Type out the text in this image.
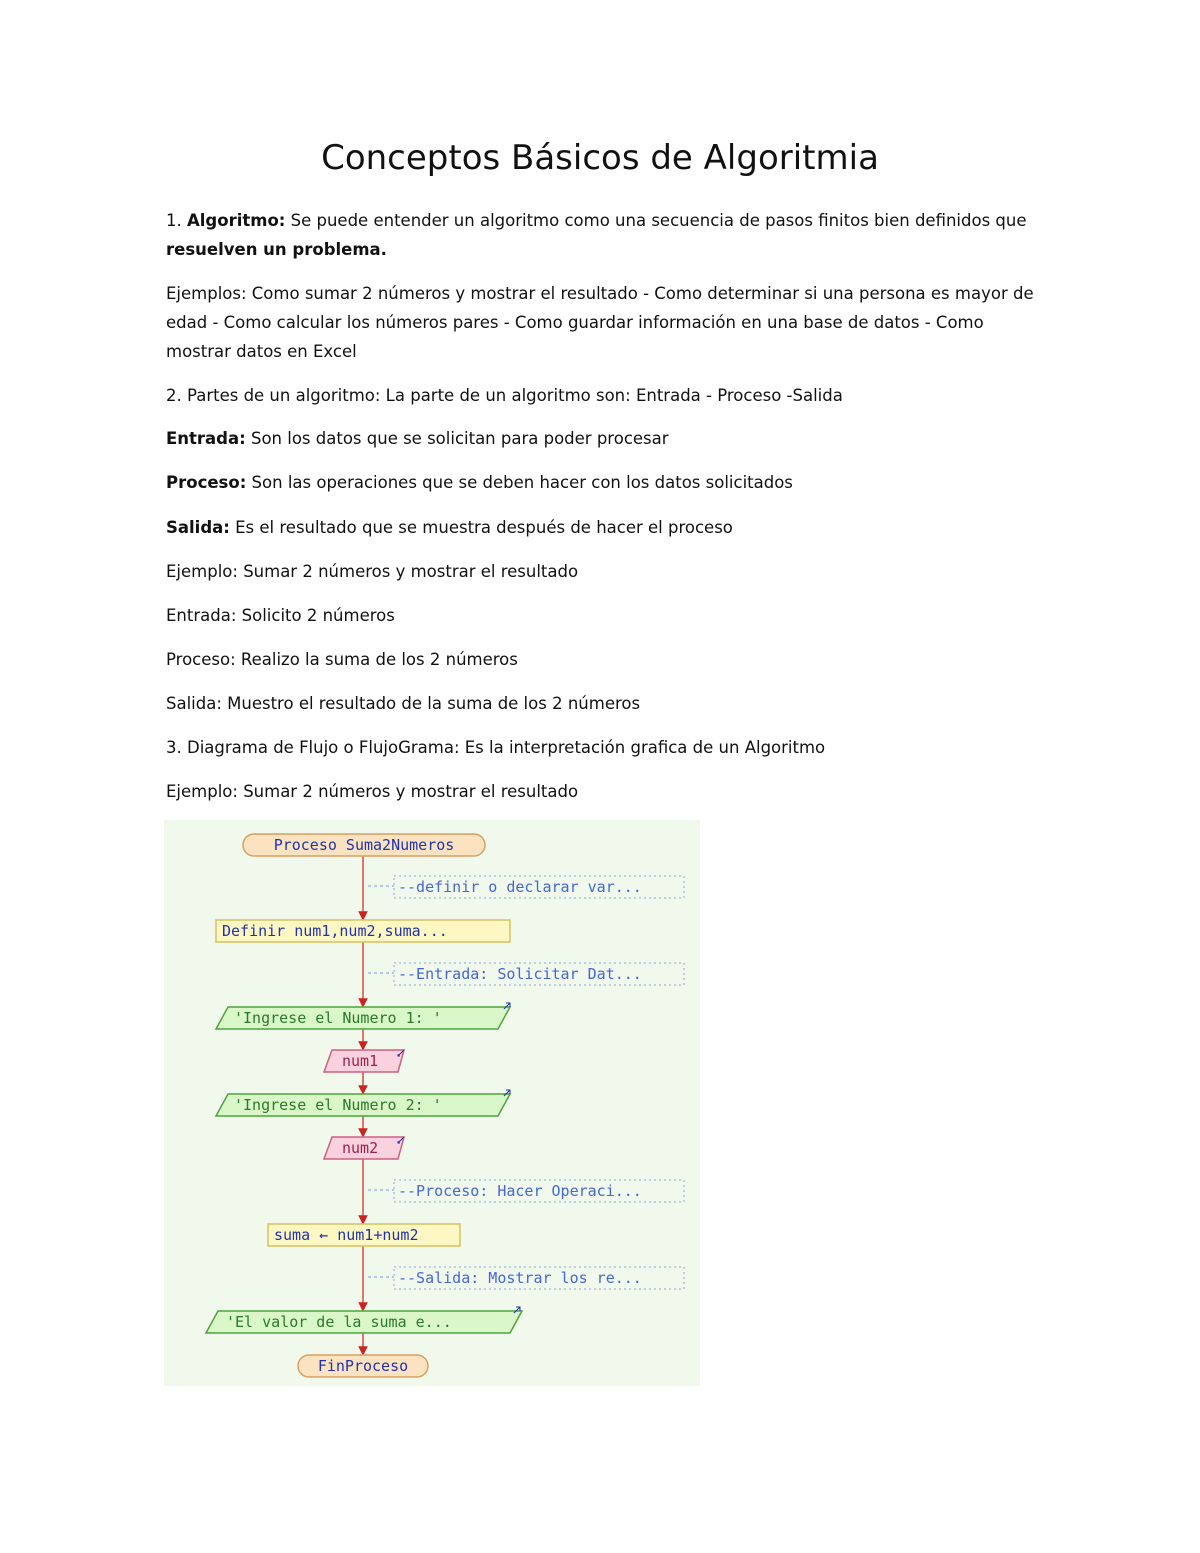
Conceptos Básicos de Algoritmia

1. Algoritmo: Se puede entender un algoritmo como una secuencia de pasos finitos bien definidos que resuelven un problema.

Ejemplos: Como sumar 2 números y mostrar el resultado - Como determinar si una persona es mayor de edad - Como calcular los números pares - Como guardar información en una base de datos - Como mostrar datos en Excel

2. Partes de un algoritmo: La parte de un algoritmo son: Entrada - Proceso -Salida

Entrada: Son los datos que se solicitan para poder procesar

Proceso: Son las operaciones que se deben hacer con los datos solicitados

Salida: Es el resultado que se muestra después de hacer el proceso

Ejemplo: Sumar 2 números y mostrar el resultado

Entrada: Solicito 2 números

Proceso: Realizo la suma de los 2 números

Salida: Muestro el resultado de la suma de los 2 números

3. Diagrama de Flujo o FlujoGrama: Es la interpretación grafica de un Algoritmo

Ejemplo: Sumar 2 números y mostrar el resultado

Proceso Suma2Numeros
--definir o declarar var...
Definir num1,num2,suma...
--Entrada: Solicitar Dat...
'Ingrese el Numero 1: '
num1
'Ingrese el Numero 2: '
num2
--Proceso: Hacer Operaci...
suma ← num1+num2
--Salida: Mostrar los re...
'El valor de la suma e...
FinProceso
